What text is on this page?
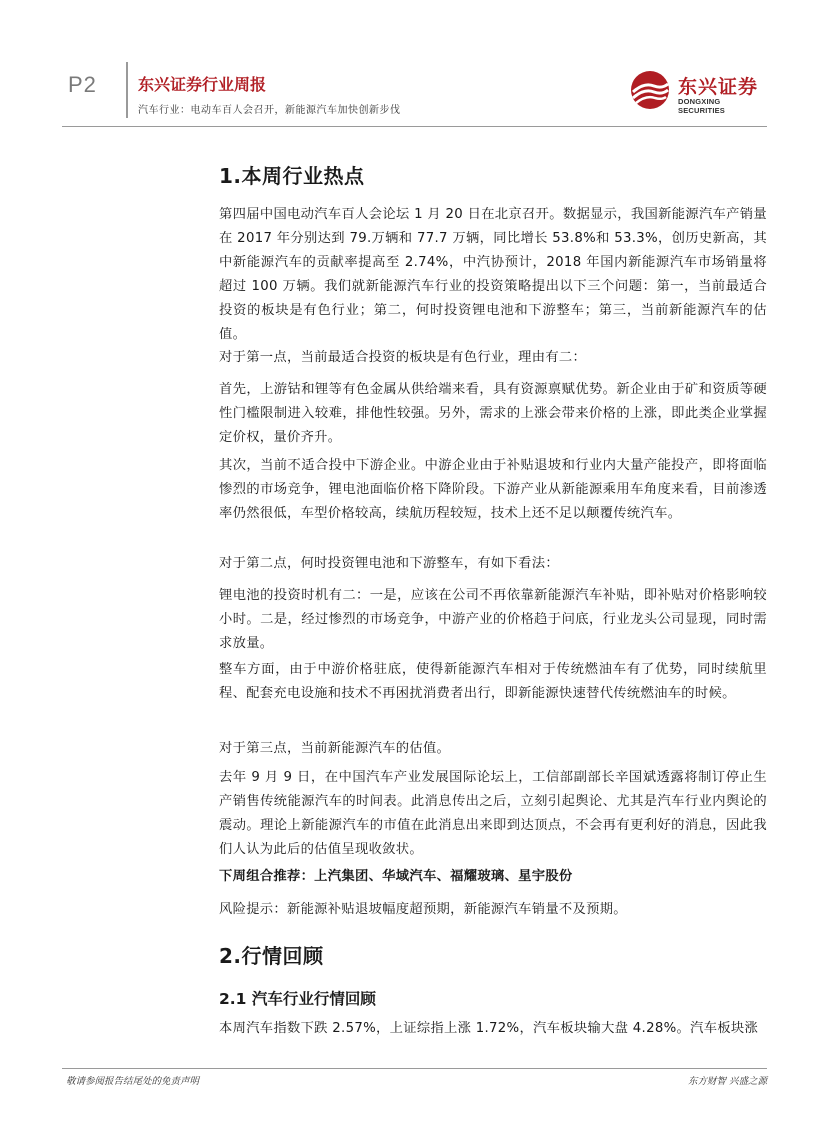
P2	东兴证券行业周报
汽车行业：电动车百人会召开，新能源汽车加快创新步伐
东兴证券
DONGXING SECURITIES
1.本周行业热点

第四届中国电动汽车百人会论坛 1 月 20 日在北京召开。数据显示，我国新能源汽车产销量在 2017 年分别达到 79.万辆和 77.7 万辆，同比增长 53.8%和 53.3%，创历史新高，其中新能源汽车的贡献率提高至 2.74%，中汽协预计，2018 年国内新能源汽车市场销量将超过 100 万辆。我们就新能源汽车行业的投资策略提出以下三个问题：第一，当前最适合投资的板块是有色行业；第二，何时投资锂电池和下游整车；第三，当前新能源汽车的估值。

对于第一点，当前最适合投资的板块是有色行业，理由有二：

首先，上游钴和锂等有色金属从供给端来看，具有资源禀赋优势。新企业由于矿和资质等硬性门槛限制进入较难，排他性较强。另外，需求的上涨会带来价格的上涨，即此类企业掌握定价权，量价齐升。

其次，当前不适合投中下游企业。中游企业由于补贴退坡和行业内大量产能投产，即将面临惨烈的市场竞争，锂电池面临价格下降阶段。下游产业从新能源乘用车角度来看，目前渗透率仍然很低，车型价格较高，续航历程较短，技术上还不足以颠覆传统汽车。

对于第二点，何时投资锂电池和下游整车，有如下看法：

锂电池的投资时机有二：一是，应该在公司不再依靠新能源汽车补贴，即补贴对价格影响较小时。二是，经过惨烈的市场竞争，中游产业的价格趋于问底，行业龙头公司显现，同时需求放量。

整车方面，由于中游价格驻底，使得新能源汽车相对于传统燃油车有了优势，同时续航里程、配套充电设施和技术不再困扰消费者出行，即新能源快速替代传统燃油车的时候。

对于第三点，当前新能源汽车的估值。

去年 9 月 9 日，在中国汽车产业发展国际论坛上，工信部副部长辛国斌透露将制订停止生产销售传统能源汽车的时间表。此消息传出之后，立刻引起舆论、尤其是汽车行业内舆论的震动。理论上新能源汽车的市值在此消息出来即到达顶点，不会再有更利好的消息，因此我们人认为此后的估值呈现收敛状。

下周组合推荐：上汽集团、华域汽车、福耀玻璃、星宇股份

风险提示：新能源补贴退坡幅度超预期，新能源汽车销量不及预期。

2.行情回顾
2.1 汽车行业行情回顾

本周汽车指数下跌 2.57%，上证综指上涨 1.72%，汽车板块输大盘 4.28%。汽车板块涨

敬请参阅报告结尾处的免责声明	东方财智 兴盛之源
